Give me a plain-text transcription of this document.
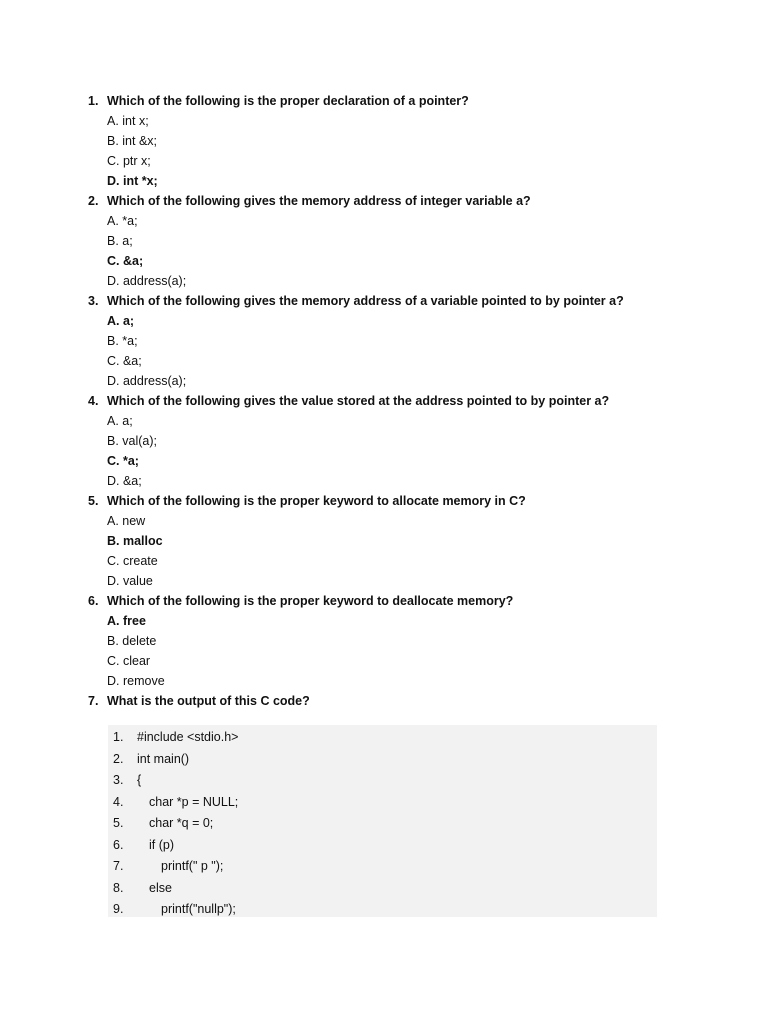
1. Which of the following is the proper declaration of a pointer?
A. int x;
B. int &x;
C. ptr x;
D. int *x;
2. Which of the following gives the memory address of integer variable a?
A. *a;
B. a;
C. &a;
D. address(a);
3. Which of the following gives the memory address of a variable pointed to by pointer a?
A. a;
B. *a;
C. &a;
D. address(a);
4. Which of the following gives the value stored at the address pointed to by pointer a?
A. a;
B. val(a);
C. *a;
D. &a;
5. Which of the following is the proper keyword to allocate memory in C?
A. new
B. malloc
C. create
D. value
6. Which of the following is the proper keyword to deallocate memory?
A. free
B. delete
C. clear
D. remove
7. What is the output of this C code?
1.	#include <stdio.h>
2.	int main()
3.	{
4.	char *p = NULL;
5.	char *q = 0;
6.	if (p)
7.	printf(" p ");
8.	else
9.	printf("nullp");
